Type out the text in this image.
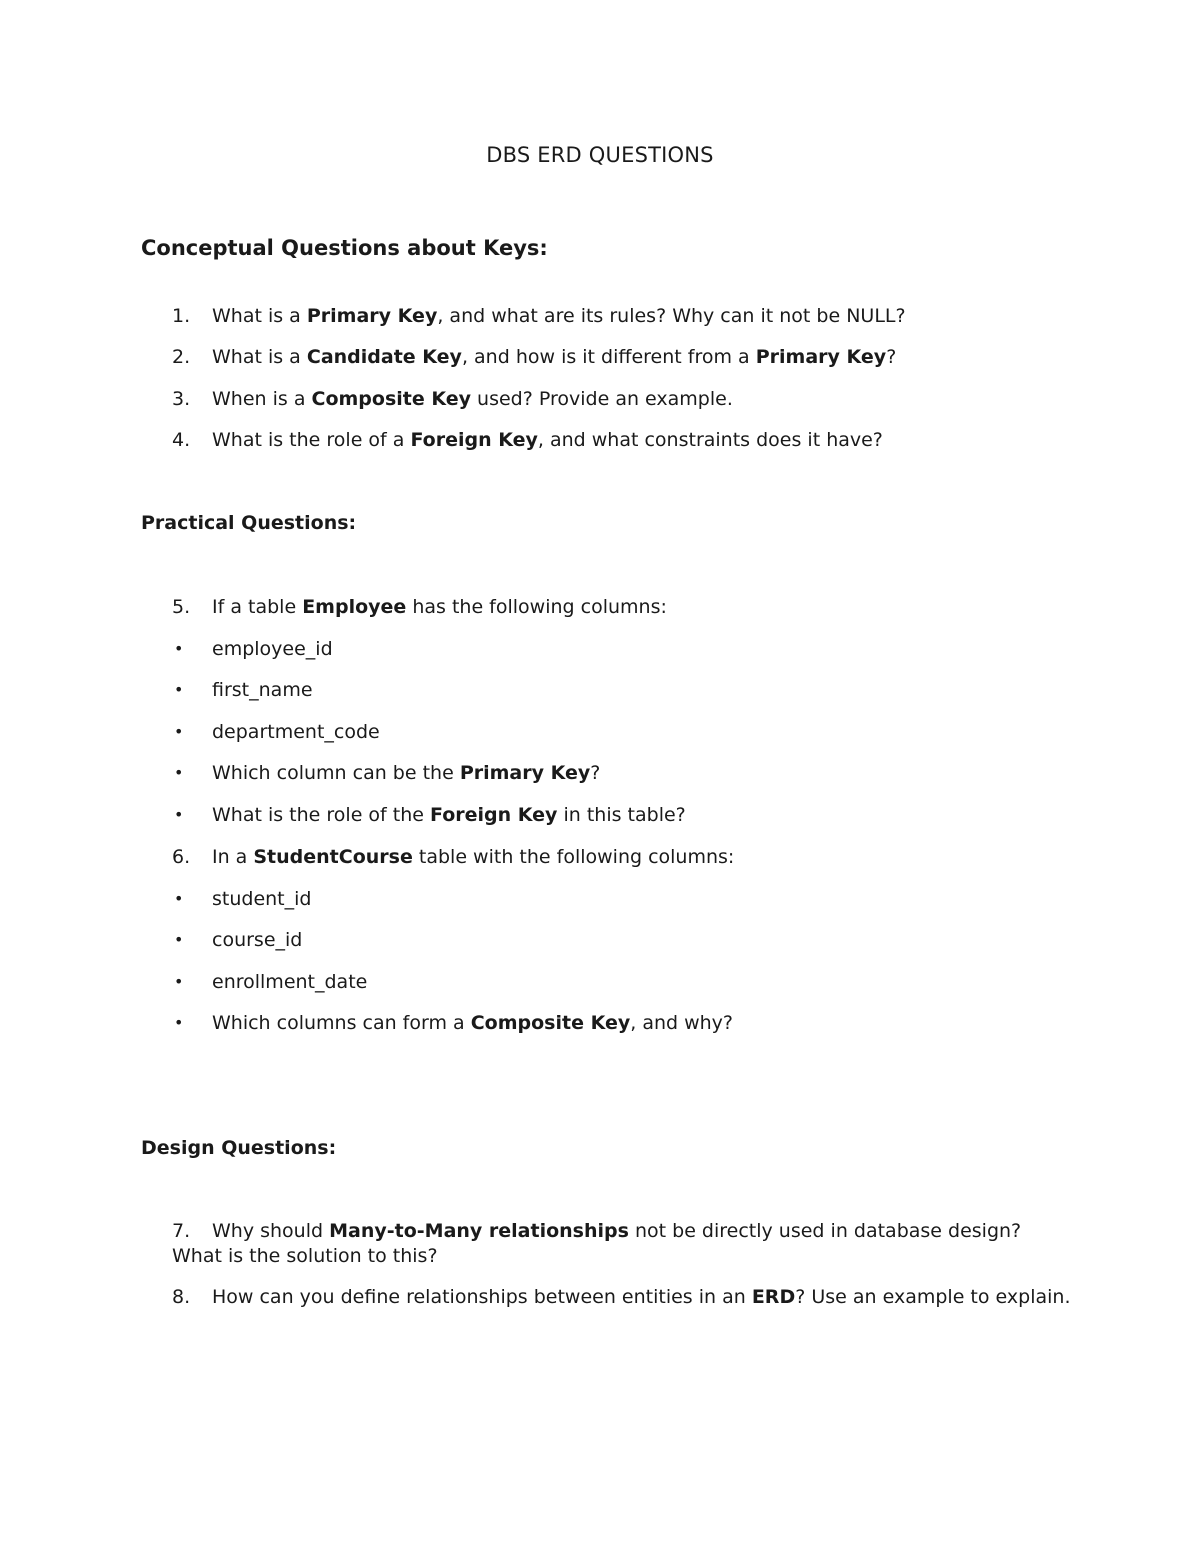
DBS ERD QUESTIONS
Conceptual Questions about Keys:
1. What is a Primary Key, and what are its rules? Why can it not be NULL?
2. What is a Candidate Key, and how is it different from a Primary Key?
3. When is a Composite Key used? Provide an example.
4. What is the role of a Foreign Key, and what constraints does it have?
Practical Questions:
5. If a table Employee has the following columns:
• employee_id
• first_name
• department_code
• Which column can be the Primary Key?
• What is the role of the Foreign Key in this table?
6. In a StudentCourse table with the following columns:
• student_id
• course_id
• enrollment_date
• Which columns can form a Composite Key, and why?
Design Questions:
7. Why should Many-to-Many relationships not be directly used in database design? What is the solution to this?
8. How can you define relationships between entities in an ERD? Use an example to explain.
